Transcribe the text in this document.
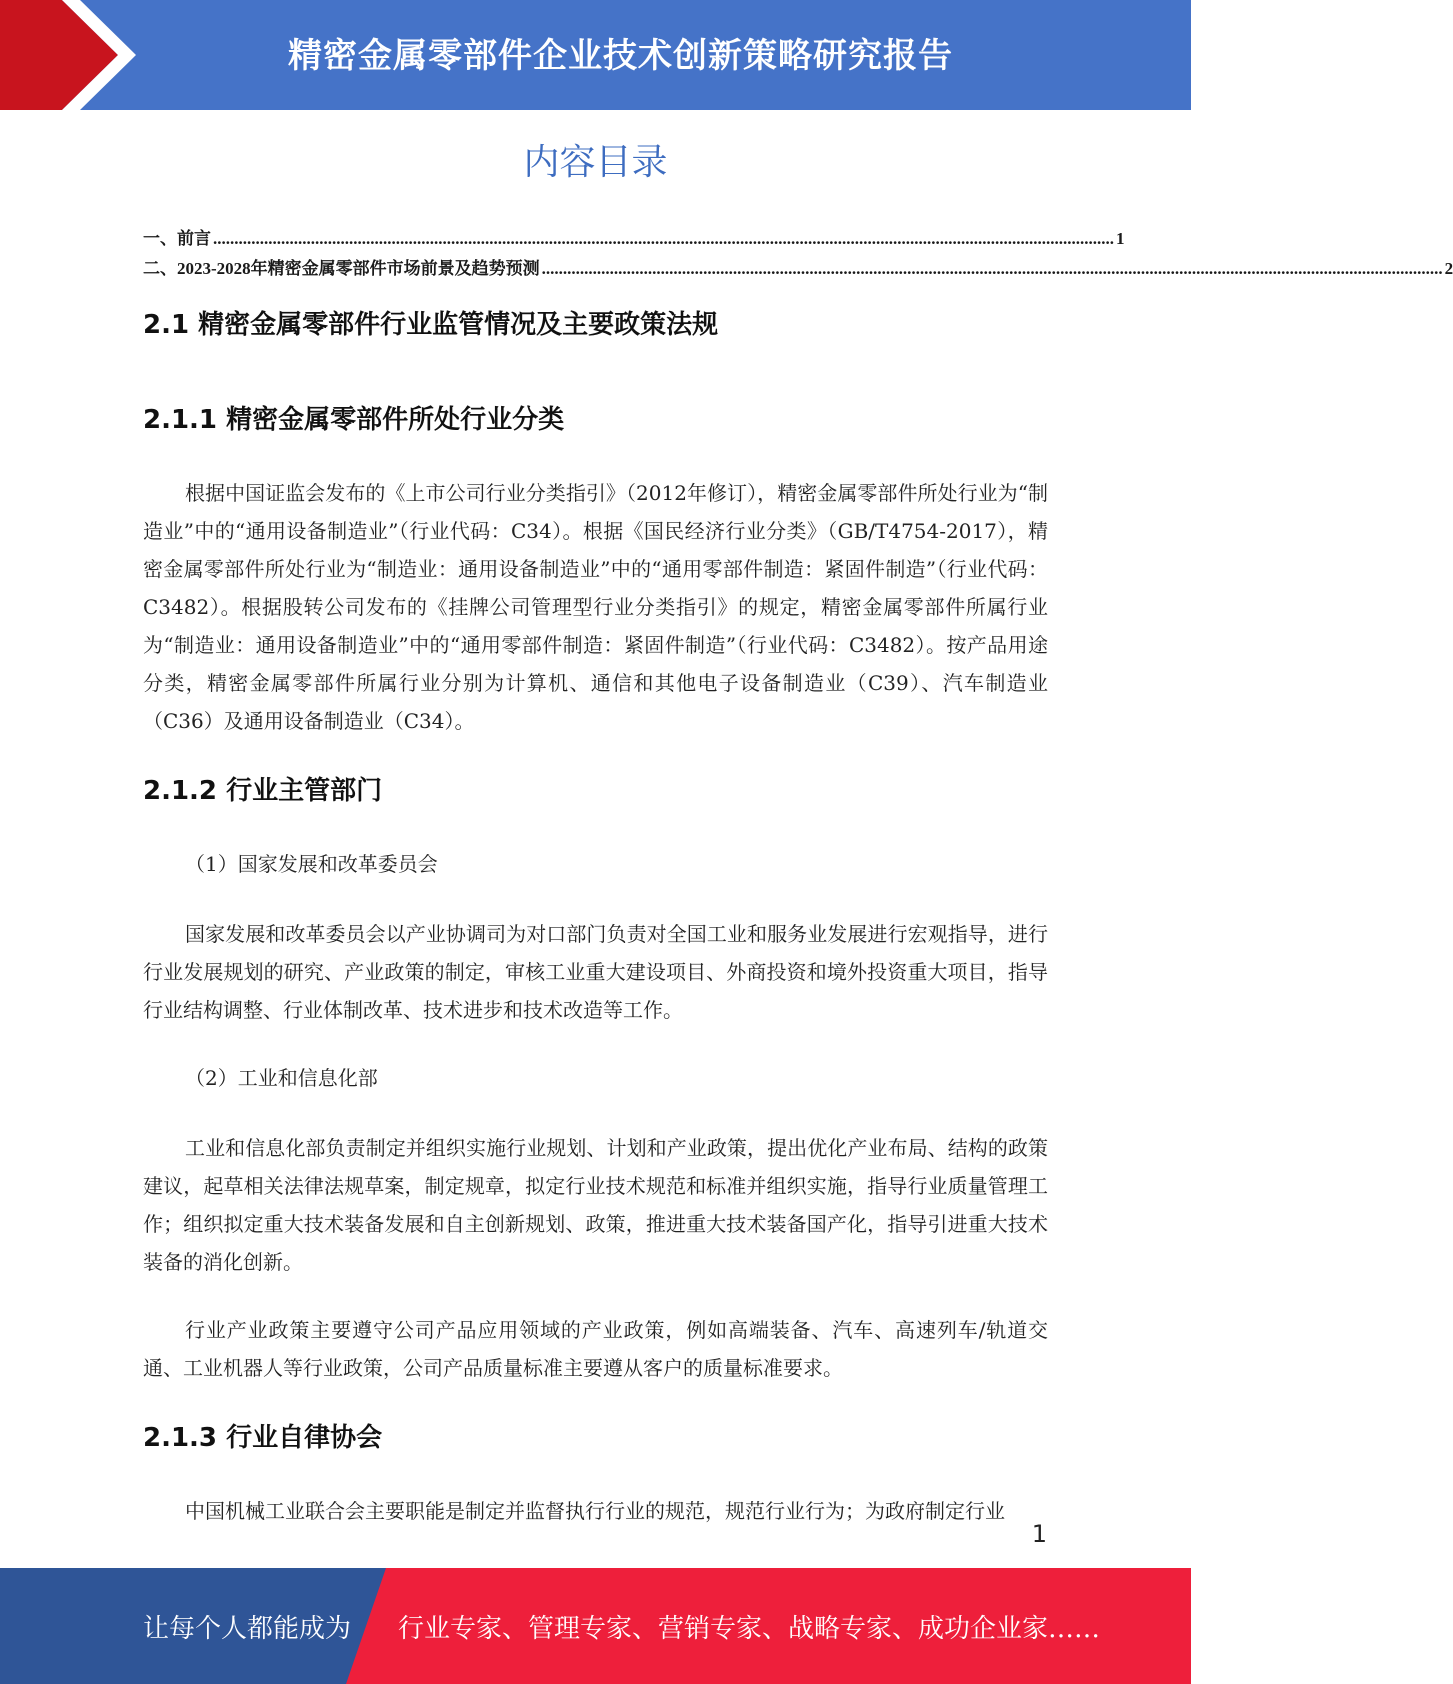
精密金属零部件企业技术创新策略研究报告
内容目录
一、前言 .................................................................................................................................................................................................................... 1
二、2023-2028年精密金属零部件市场前景及趋势预测 .................................................................................................................................................................................................................... 2
2.1 精密金属零部件行业监管情况及主要政策法规
2.1.1 精密金属零部件所处行业分类

根据中国证监会发布的《上市公司行业分类指引》（2012年修订），精密金属零部件所处行业为“制造业”中的“通用设备制造业”（行业代码：C34）。根据《国民经济行业分类》（GB/T4754-2017），精密金属零部件所处行业为“制造业：通用设备制造业”中的“通用零部件制造：紧固件制造”（行业代码：C3482）。根据股转公司发布的《挂牌公司管理型行业分类指引》的规定，精密金属零部件所属行业为“制造业：通用设备制造业”中的“通用零部件制造：紧固件制造”（行业代码：C3482）。按产品用途分类，精密金属零部件所属行业分别为计算机、通信和其他电子设备制造业（C39）、汽车制造业（C36）及通用设备制造业（C34）。

2.1.2 行业主管部门

（1）国家发展和改革委员会

国家发展和改革委员会以产业协调司为对口部门负责对全国工业和服务业发展进行宏观指导，进行行业发展规划的研究、产业政策的制定，审核工业重大建设项目、外商投资和境外投资重大项目，指导行业结构调整、行业体制改革、技术进步和技术改造等工作。

（2）工业和信息化部

工业和信息化部负责制定并组织实施行业规划、计划和产业政策，提出优化产业布局、结构的政策建议，起草相关法律法规草案，制定规章，拟定行业技术规范和标准并组织实施，指导行业质量管理工作；组织拟定重大技术装备发展和自主创新规划、政策，推进重大技术装备国产化，指导引进重大技术装备的消化创新。

行业产业政策主要遵守公司产品应用领域的产业政策，例如高端装备、汽车、高速列车/轨道交通、工业机器人等行业政策，公司产品质量标准主要遵从客户的质量标准要求。

2.1.3 行业自律协会

中国机械工业联合会主要职能是制定并监督执行行业的规范，规范行业行为；为政府制定行业

1
让每个人都能成为 行业专家、管理专家、营销专家、战略专家、成功企业家……
